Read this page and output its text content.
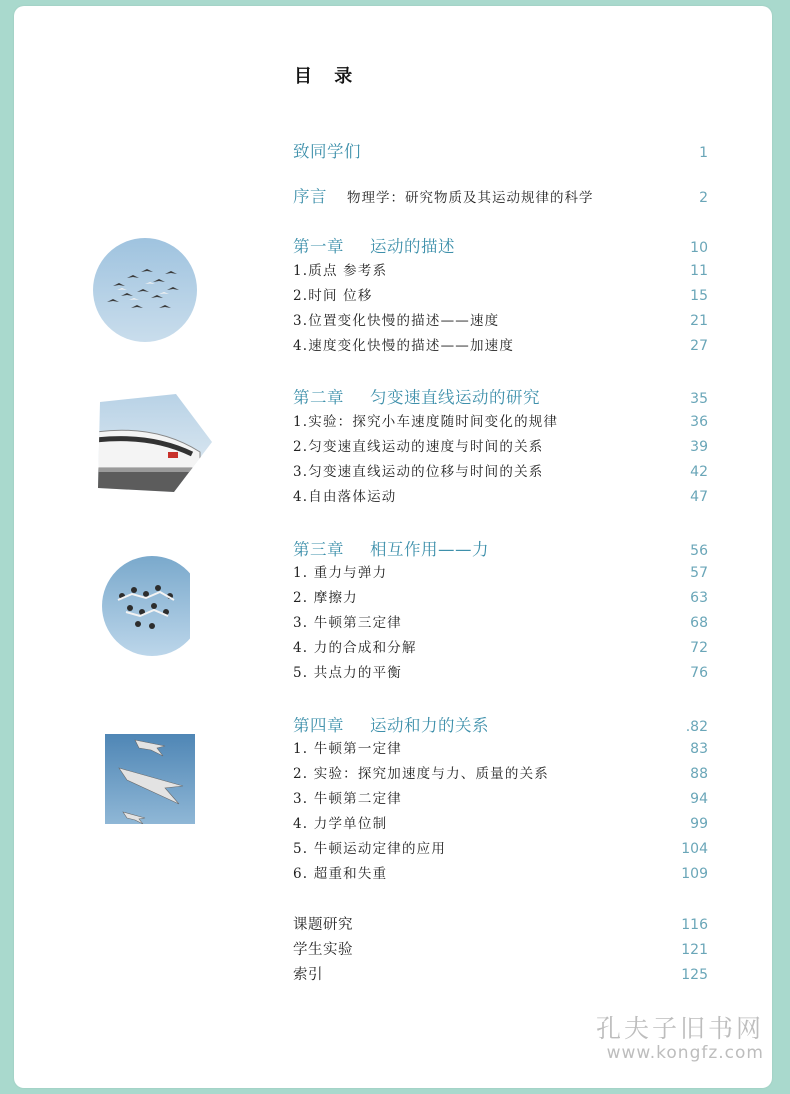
目 录
致同学们	1
序言 物理学：研究物质及其运动规律的科学	2
第一章 运动的描述	10
1.质点 参考系	11
2.时间 位移	15
3.位置变化快慢的描述——速度	21
4.速度变化快慢的描述——加速度	27
第二章 匀变速直线运动的研究	35
1.实验：探究小车速度随时间变化的规律	36
2.匀变速直线运动的速度与时间的关系	39
3.匀变速直线运动的位移与时间的关系	42
4.自由落体运动	47
第三章 相互作用——力	56
1. 重力与弹力	57
2. 摩擦力	63
3. 牛顿第三定律	68
4. 力的合成和分解	72
5. 共点力的平衡	76
第四章 运动和力的关系	.82
1. 牛顿第一定律	83
2. 实验：探究加速度与力、质量的关系	88
3. 牛顿第二定律	94
4. 力学单位制	99
5. 牛顿运动定律的应用	104
6. 超重和失重	109
课题研究	116
学生实验	121
索引	125
孔夫子旧书网
www.kongfz.com
